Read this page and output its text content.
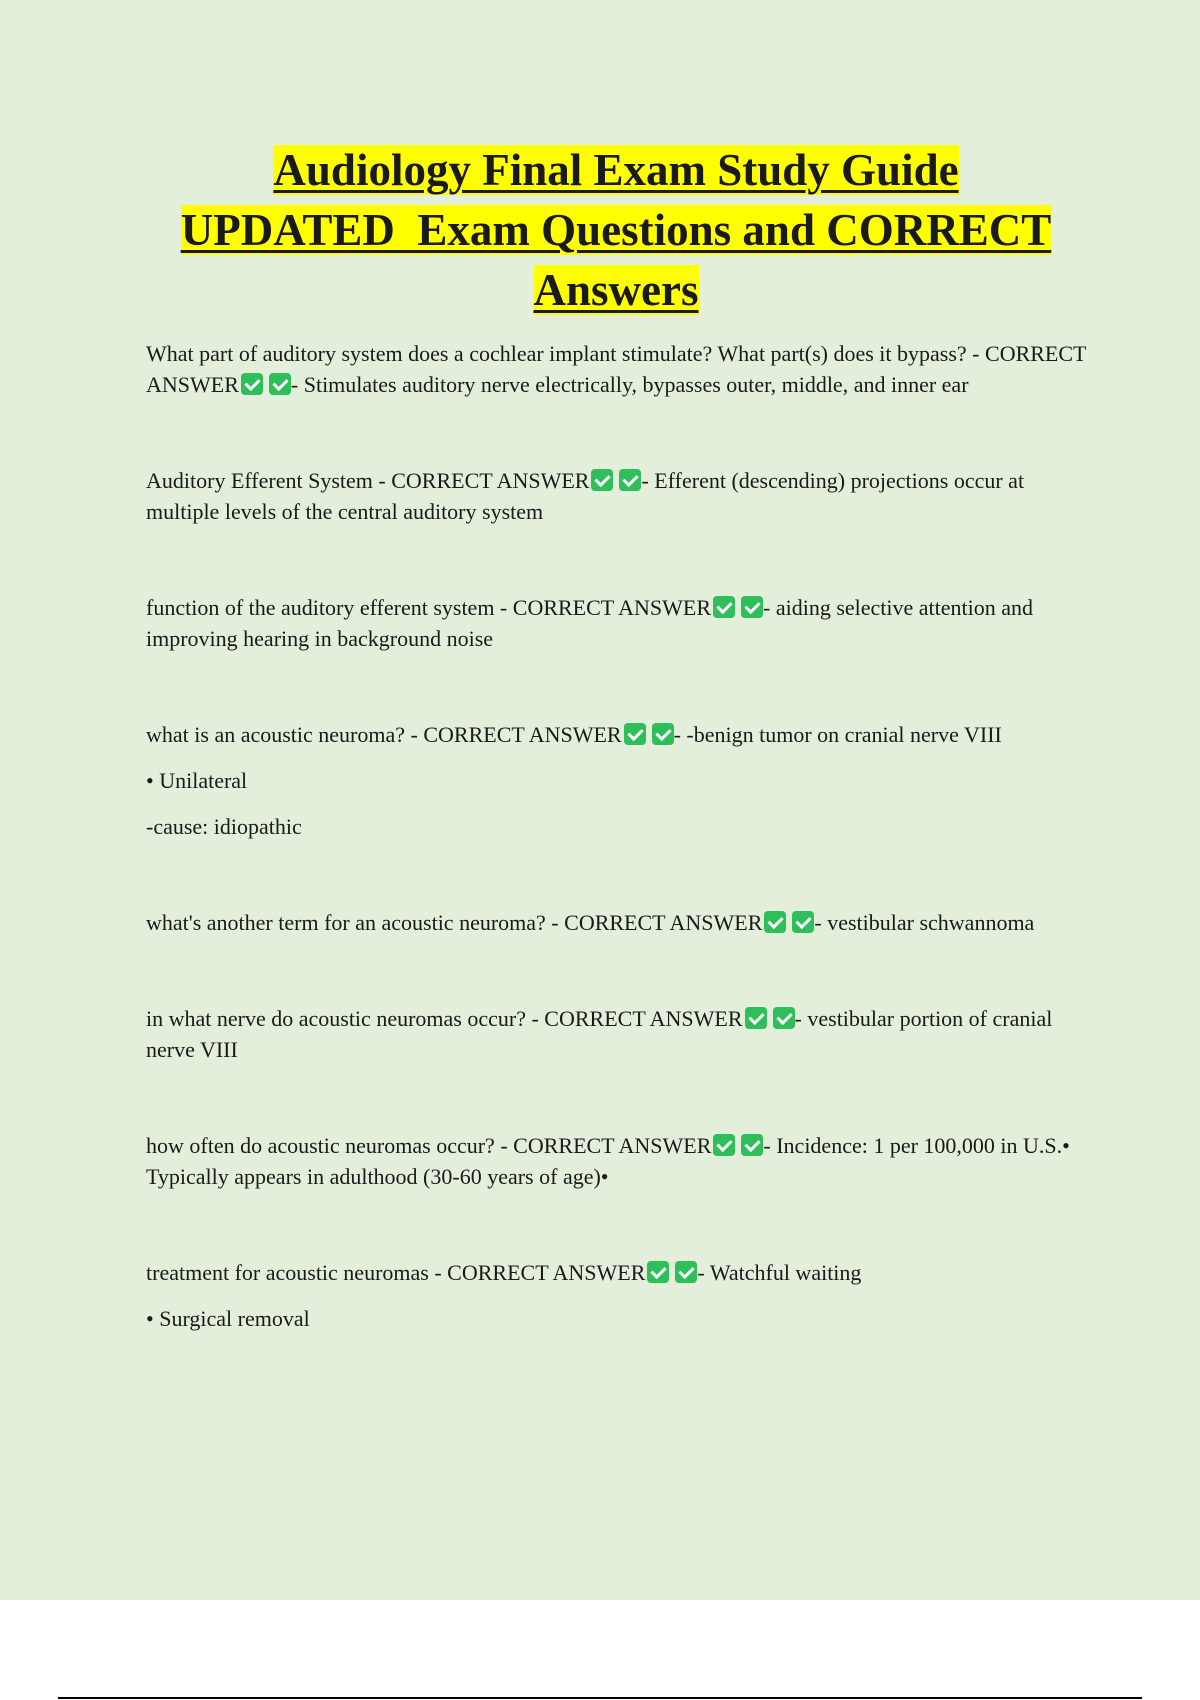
Audiology Final Exam Study Guide
UPDATED  Exam Questions and CORRECT
Answers

What part of auditory system does a cochlear implant stimulate? What part(s) does it bypass? - CORRECT ANSWER - Stimulates auditory nerve electrically, bypasses outer, middle, and inner ear

Auditory Efferent System - CORRECT ANSWER - Efferent (descending) projections occur at multiple levels of the central auditory system

function of the auditory efferent system - CORRECT ANSWER - aiding selective attention and improving hearing in background noise

what is an acoustic neuroma? - CORRECT ANSWER - -benign tumor on cranial nerve VIII

• Unilateral

-cause: idiopathic

what's another term for an acoustic neuroma? - CORRECT ANSWER - vestibular schwannoma

in what nerve do acoustic neuromas occur? - CORRECT ANSWER - vestibular portion of cranial nerve VIII

how often do acoustic neuromas occur? - CORRECT ANSWER - Incidence: 1 per 100,000 in U.S.• Typically appears in adulthood (30-60 years of age)•

treatment for acoustic neuromas - CORRECT ANSWER - Watchful waiting

• Surgical removal
